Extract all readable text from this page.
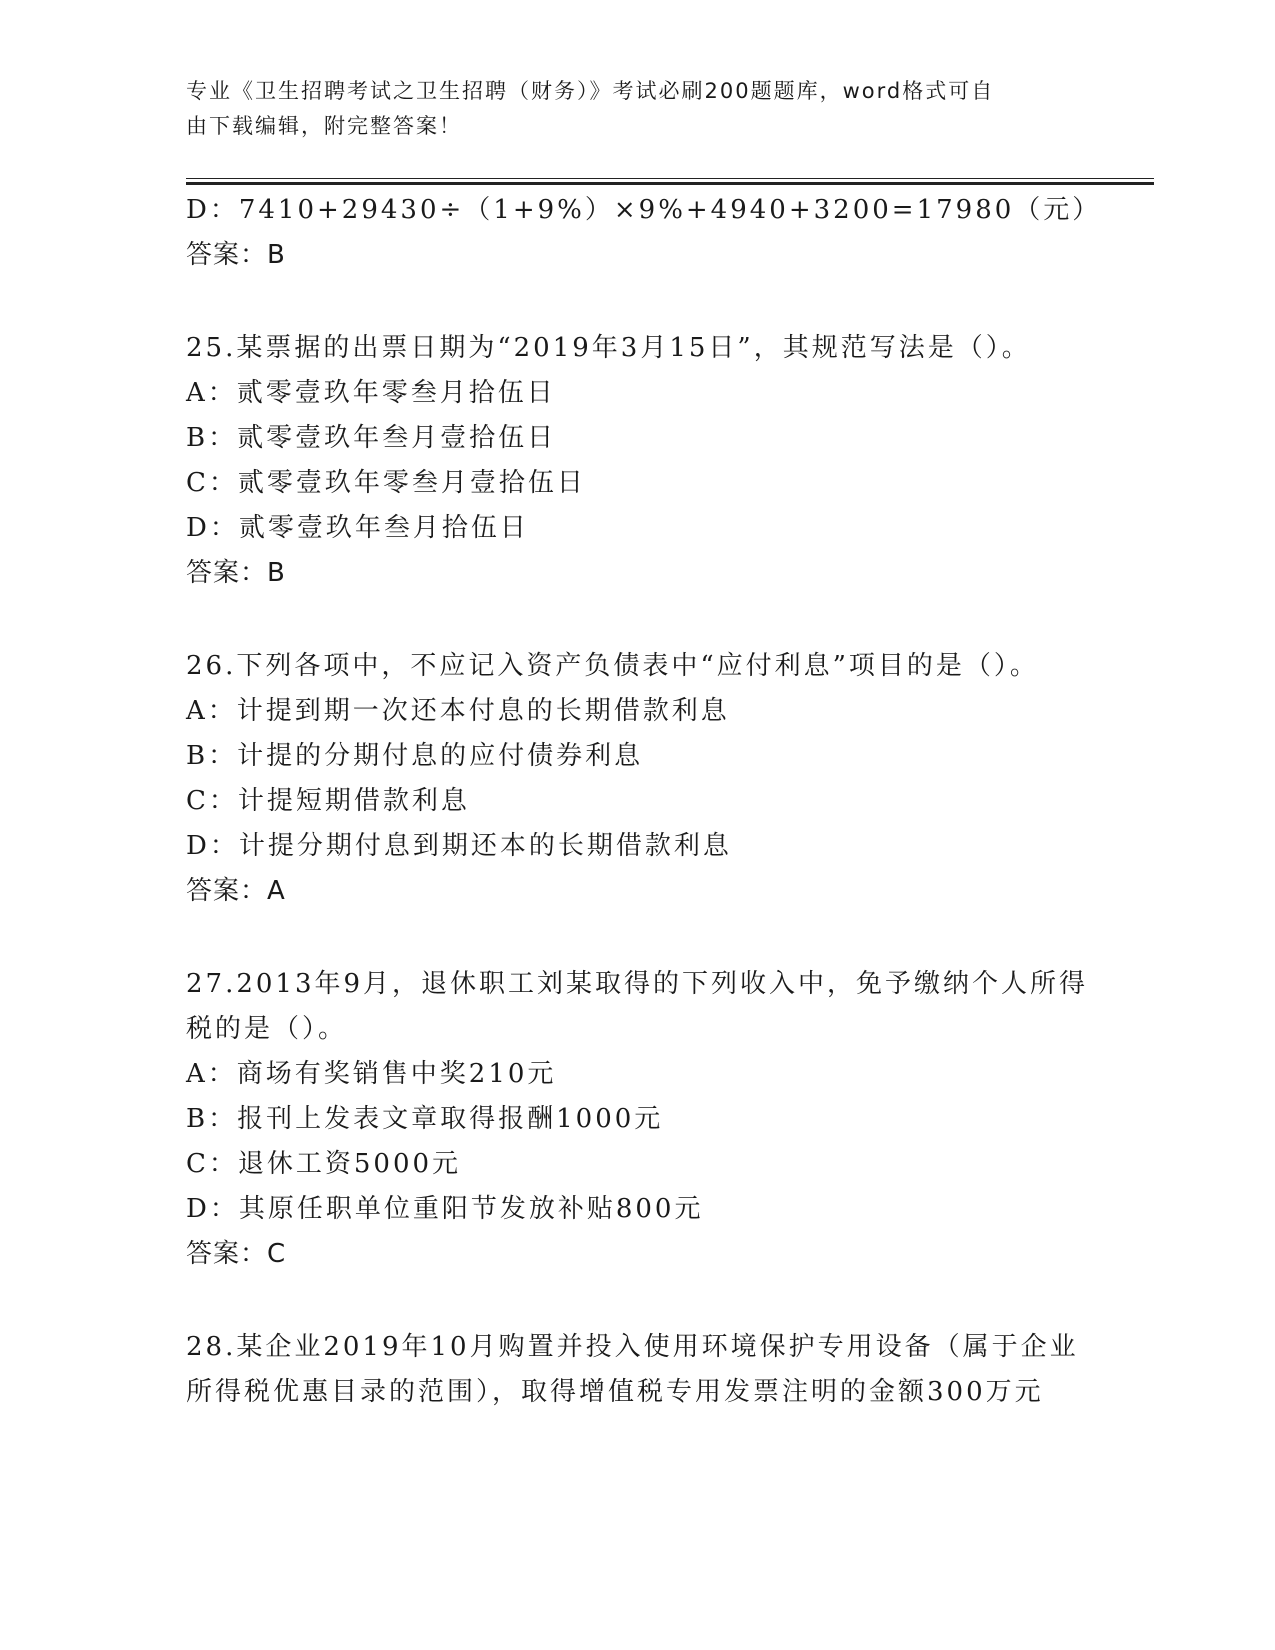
专业《卫生招聘考试之卫生招聘（财务）》考试必刷200题题库，word格式可自
由下载编辑，附完整答案！
D：7410+29430÷（1+9%）×9%+4940+3200=17980（元）
答案：B
25.某票据的出票日期为“2019年3月15日”，其规范写法是（）。
A：贰零壹玖年零叁月拾伍日
B：贰零壹玖年叁月壹拾伍日
C：贰零壹玖年零叁月壹拾伍日
D：贰零壹玖年叁月拾伍日
答案：B
26.下列各项中，不应记入资产负债表中“应付利息”项目的是（）。
A：计提到期一次还本付息的长期借款利息
B：计提的分期付息的应付债券利息
C：计提短期借款利息
D：计提分期付息到期还本的长期借款利息
答案：A
27.2013年9月，退休职工刘某取得的下列收入中，免予缴纳个人所得
税的是（）。
A：商场有奖销售中奖210元
B：报刊上发表文章取得报酬1000元
C：退休工资5000元
D：其原任职单位重阳节发放补贴800元
答案：C
28.某企业2019年10月购置并投入使用环境保护专用设备（属于企业
所得税优惠目录的范围），取得增值税专用发票注明的金额300万元
